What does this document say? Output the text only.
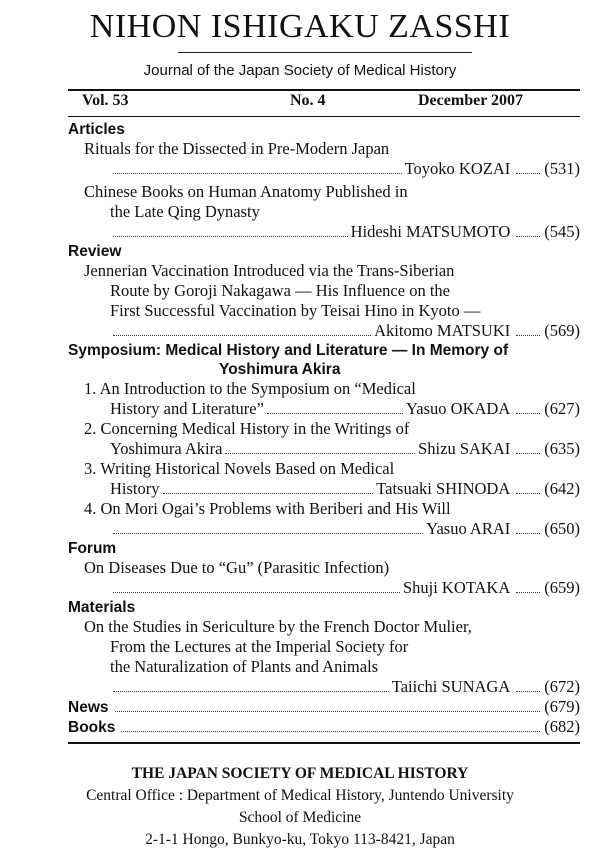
NIHON ISHIGAKU ZASSHI
Journal of the Japan Society of Medical History
Vol. 53	No. 4	December 2007
Articles
Rituals for the Dissected in Pre-Modern Japan
Toyoko KOZAI (531)
Chinese Books on Human Anatomy Published in
the Late Qing Dynasty
Hideshi MATSUMOTO (545)
Review
Jennerian Vaccination Introduced via the Trans-Siberian
Route by Goroji Nakagawa — His Influence on the
First Successful Vaccination by Teisai Hino in Kyoto —
Akitomo MATSUKI (569)
Symposium: Medical History and Literature — In Memory of
Yoshimura Akira
1. An Introduction to the Symposium on “Medical
History and Literature”	Yasuo OKADA (627)
2. Concerning Medical History in the Writings of
Yoshimura Akira	Shizu SAKAI (635)
3. Writing Historical Novels Based on Medical
History	Tatsuaki SHINODA (642)
4. On Mori Ogai’s Problems with Beriberi and His Will
Yasuo ARAI (650)
Forum
On Diseases Due to “Gu” (Parasitic Infection)
Shuji KOTAKA (659)
Materials
On the Studies in Sericulture by the French Doctor Mulier,
From the Lectures at the Imperial Society for
the Naturalization of Plants and Animals
Taiichi SUNAGA (672)
News	(679)
Books	(682)
THE JAPAN SOCIETY OF MEDICAL HISTORY
Central Office : Department of Medical History, Juntendo University
School of Medicine
2-1-1 Hongo, Bunkyo-ku, Tokyo 113-8421, Japan
